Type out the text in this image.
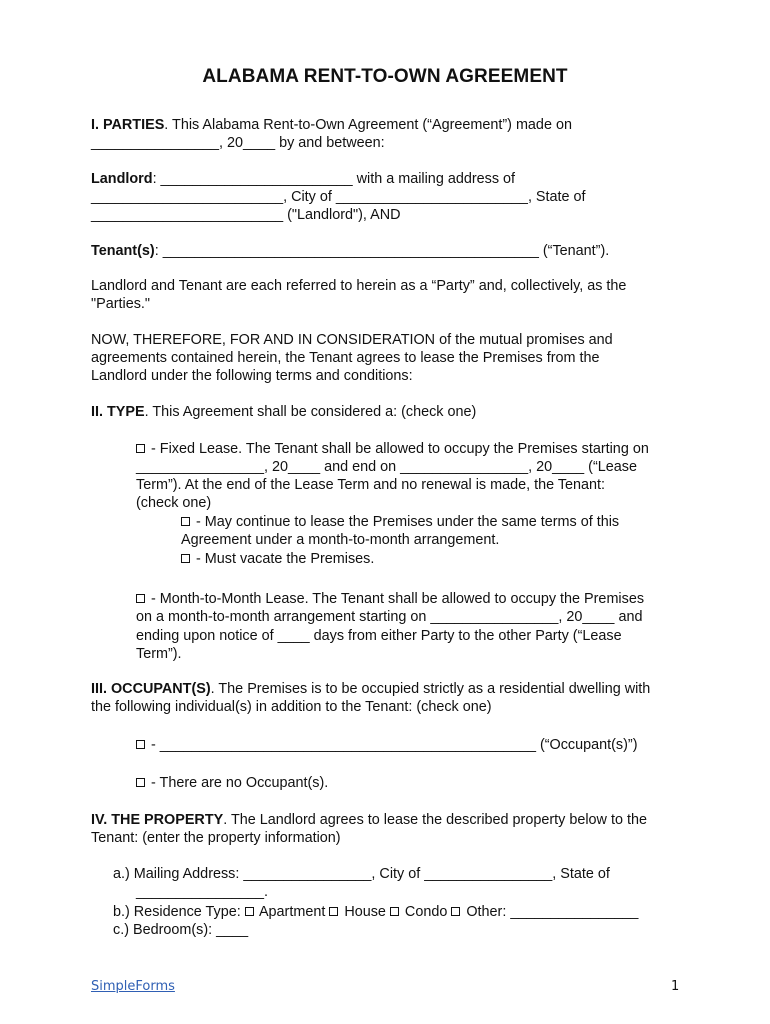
ALABAMA RENT-TO-OWN AGREEMENT

I. PARTIES. This Alabama Rent-to-Own Agreement (“Agreement”) made on

________________, 20____ by and between:

Landlord: ________________________ with a mailing address of

________________________, City of ________________________, State of

________________________ ("Landlord"), AND

Tenant(s): _______________________________________________ (“Tenant”).

Landlord and Tenant are each referred to herein as a “Party” and, collectively, as the

"Parties."

NOW, THEREFORE, FOR AND IN CONSIDERATION of the mutual promises and

agreements contained herein, the Tenant agrees to lease the Premises from the

Landlord under the following terms and conditions:

II. TYPE. This Agreement shall be considered a: (check one)

- Fixed Lease. The Tenant shall be allowed to occupy the Premises starting on

________________, 20____ and end on ________________, 20____ (“Lease

Term”). At the end of the Lease Term and no renewal is made, the Tenant:

(check one)

- May continue to lease the Premises under the same terms of this

Agreement under a month-to-month arrangement.

- Must vacate the Premises.

- Month-to-Month Lease. The Tenant shall be allowed to occupy the Premises

on a month-to-month arrangement starting on ________________, 20____ and

ending upon notice of ____ days from either Party to the other Party (“Lease

Term”).

III. OCCUPANT(S). The Premises is to be occupied strictly as a residential dwelling with

the following individual(s) in addition to the Tenant: (check one)

- _______________________________________________ (“Occupant(s)”)

- There are no Occupant(s).

IV. THE PROPERTY. The Landlord agrees to lease the described property below to the

Tenant: (enter the property information)

a.) Mailing Address: ________________, City of ________________, State of

________________.

b.) Residence Type:  Apartment  House  Condo  Other: ________________

c.) Bedroom(s): ____

SimpleForms	1
